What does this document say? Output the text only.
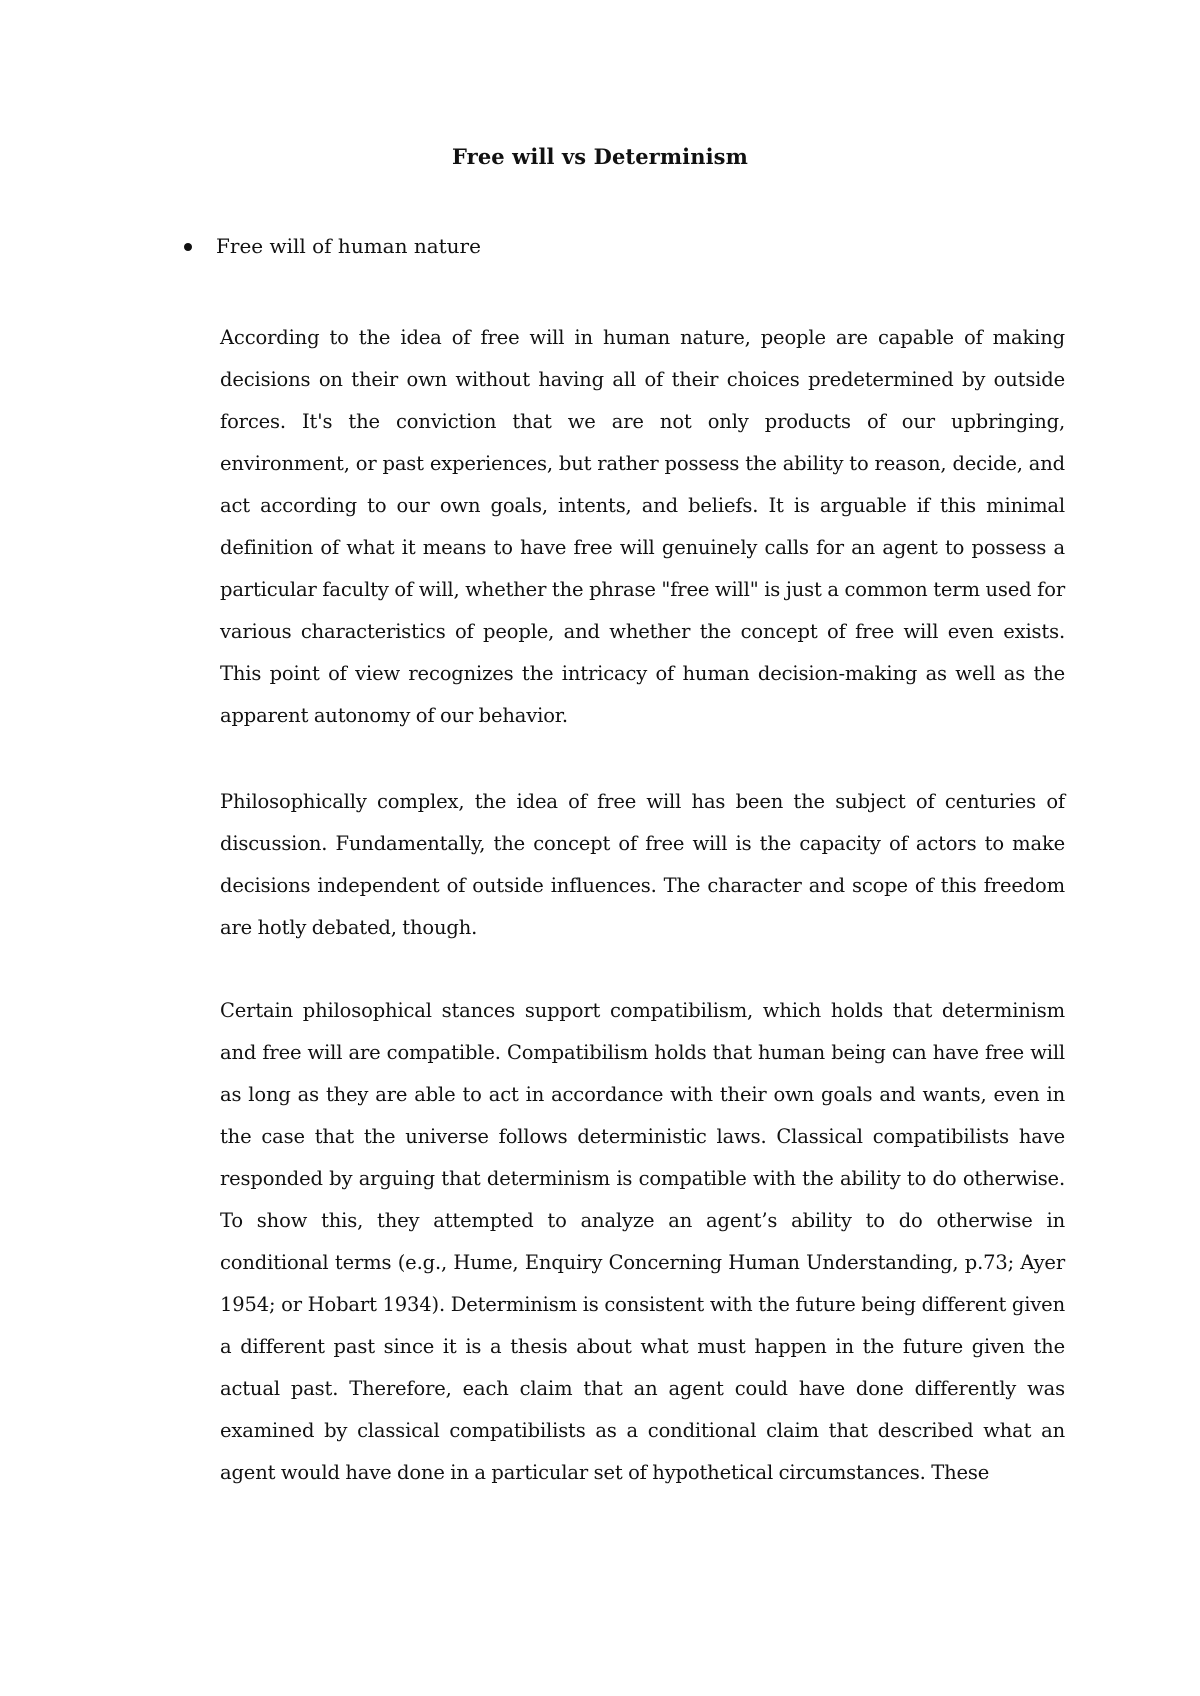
Free will vs Determinism
Free will of human nature

According to the idea of free will in human nature, people are capable of making decisions on their own without having all of their choices predetermined by outside forces. It's the conviction that we are not only products of our upbringing, environment, or past experiences, but rather possess the ability to reason, decide, and act according to our own goals, intents, and beliefs. It is arguable if this minimal definition of what it means to have free will genuinely calls for an agent to possess a particular faculty of will, whether the phrase "free will" is just a common term used for various characteristics of people, and whether the concept of free will even exists. This point of view recognizes the intricacy of human decision-making as well as the apparent autonomy of our behavior.

Philosophically complex, the idea of free will has been the subject of centuries of discussion. Fundamentally, the concept of free will is the capacity of actors to make decisions independent of outside influences. The character and scope of this freedom are hotly debated, though.

Certain philosophical stances support compatibilism, which holds that determinism and free will are compatible. Compatibilism holds that human being can have free will as long as they are able to act in accordance with their own goals and wants, even in the case that the universe follows deterministic laws. Classical compatibilists have responded by arguing that determinism is compatible with the ability to do otherwise. To show this, they attempted to analyze an agent’s ability to do otherwise in conditional terms (e.g., Hume, Enquiry Concerning Human Understanding, p.73; Ayer 1954; or Hobart 1934). Determinism is consistent with the future being different given a different past since it is a thesis about what must happen in the future given the actual past. Therefore, each claim that an agent could have done differently was examined by classical compatibilists as a conditional claim that described what an agent would have done in a particular set of hypothetical circumstances. These
